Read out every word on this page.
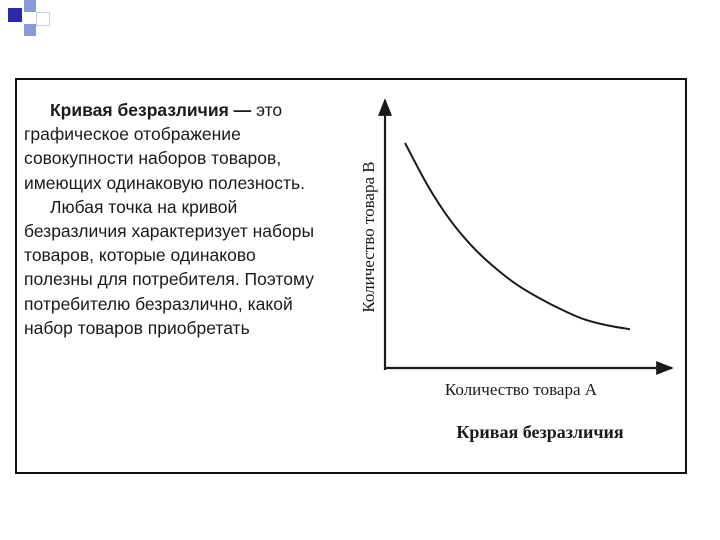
Кривая безразличия — это графическое отображение совокупности наборов товаров, имеющих одинаковую полезность.

Любая точка на кривой безразличия характеризует наборы товаров, которые одинаково полезны для потребителя. Поэтому потребителю безразлично, какой набор товаров приобретать

Количество товара B
Количество товара A
Кривая безразличия
